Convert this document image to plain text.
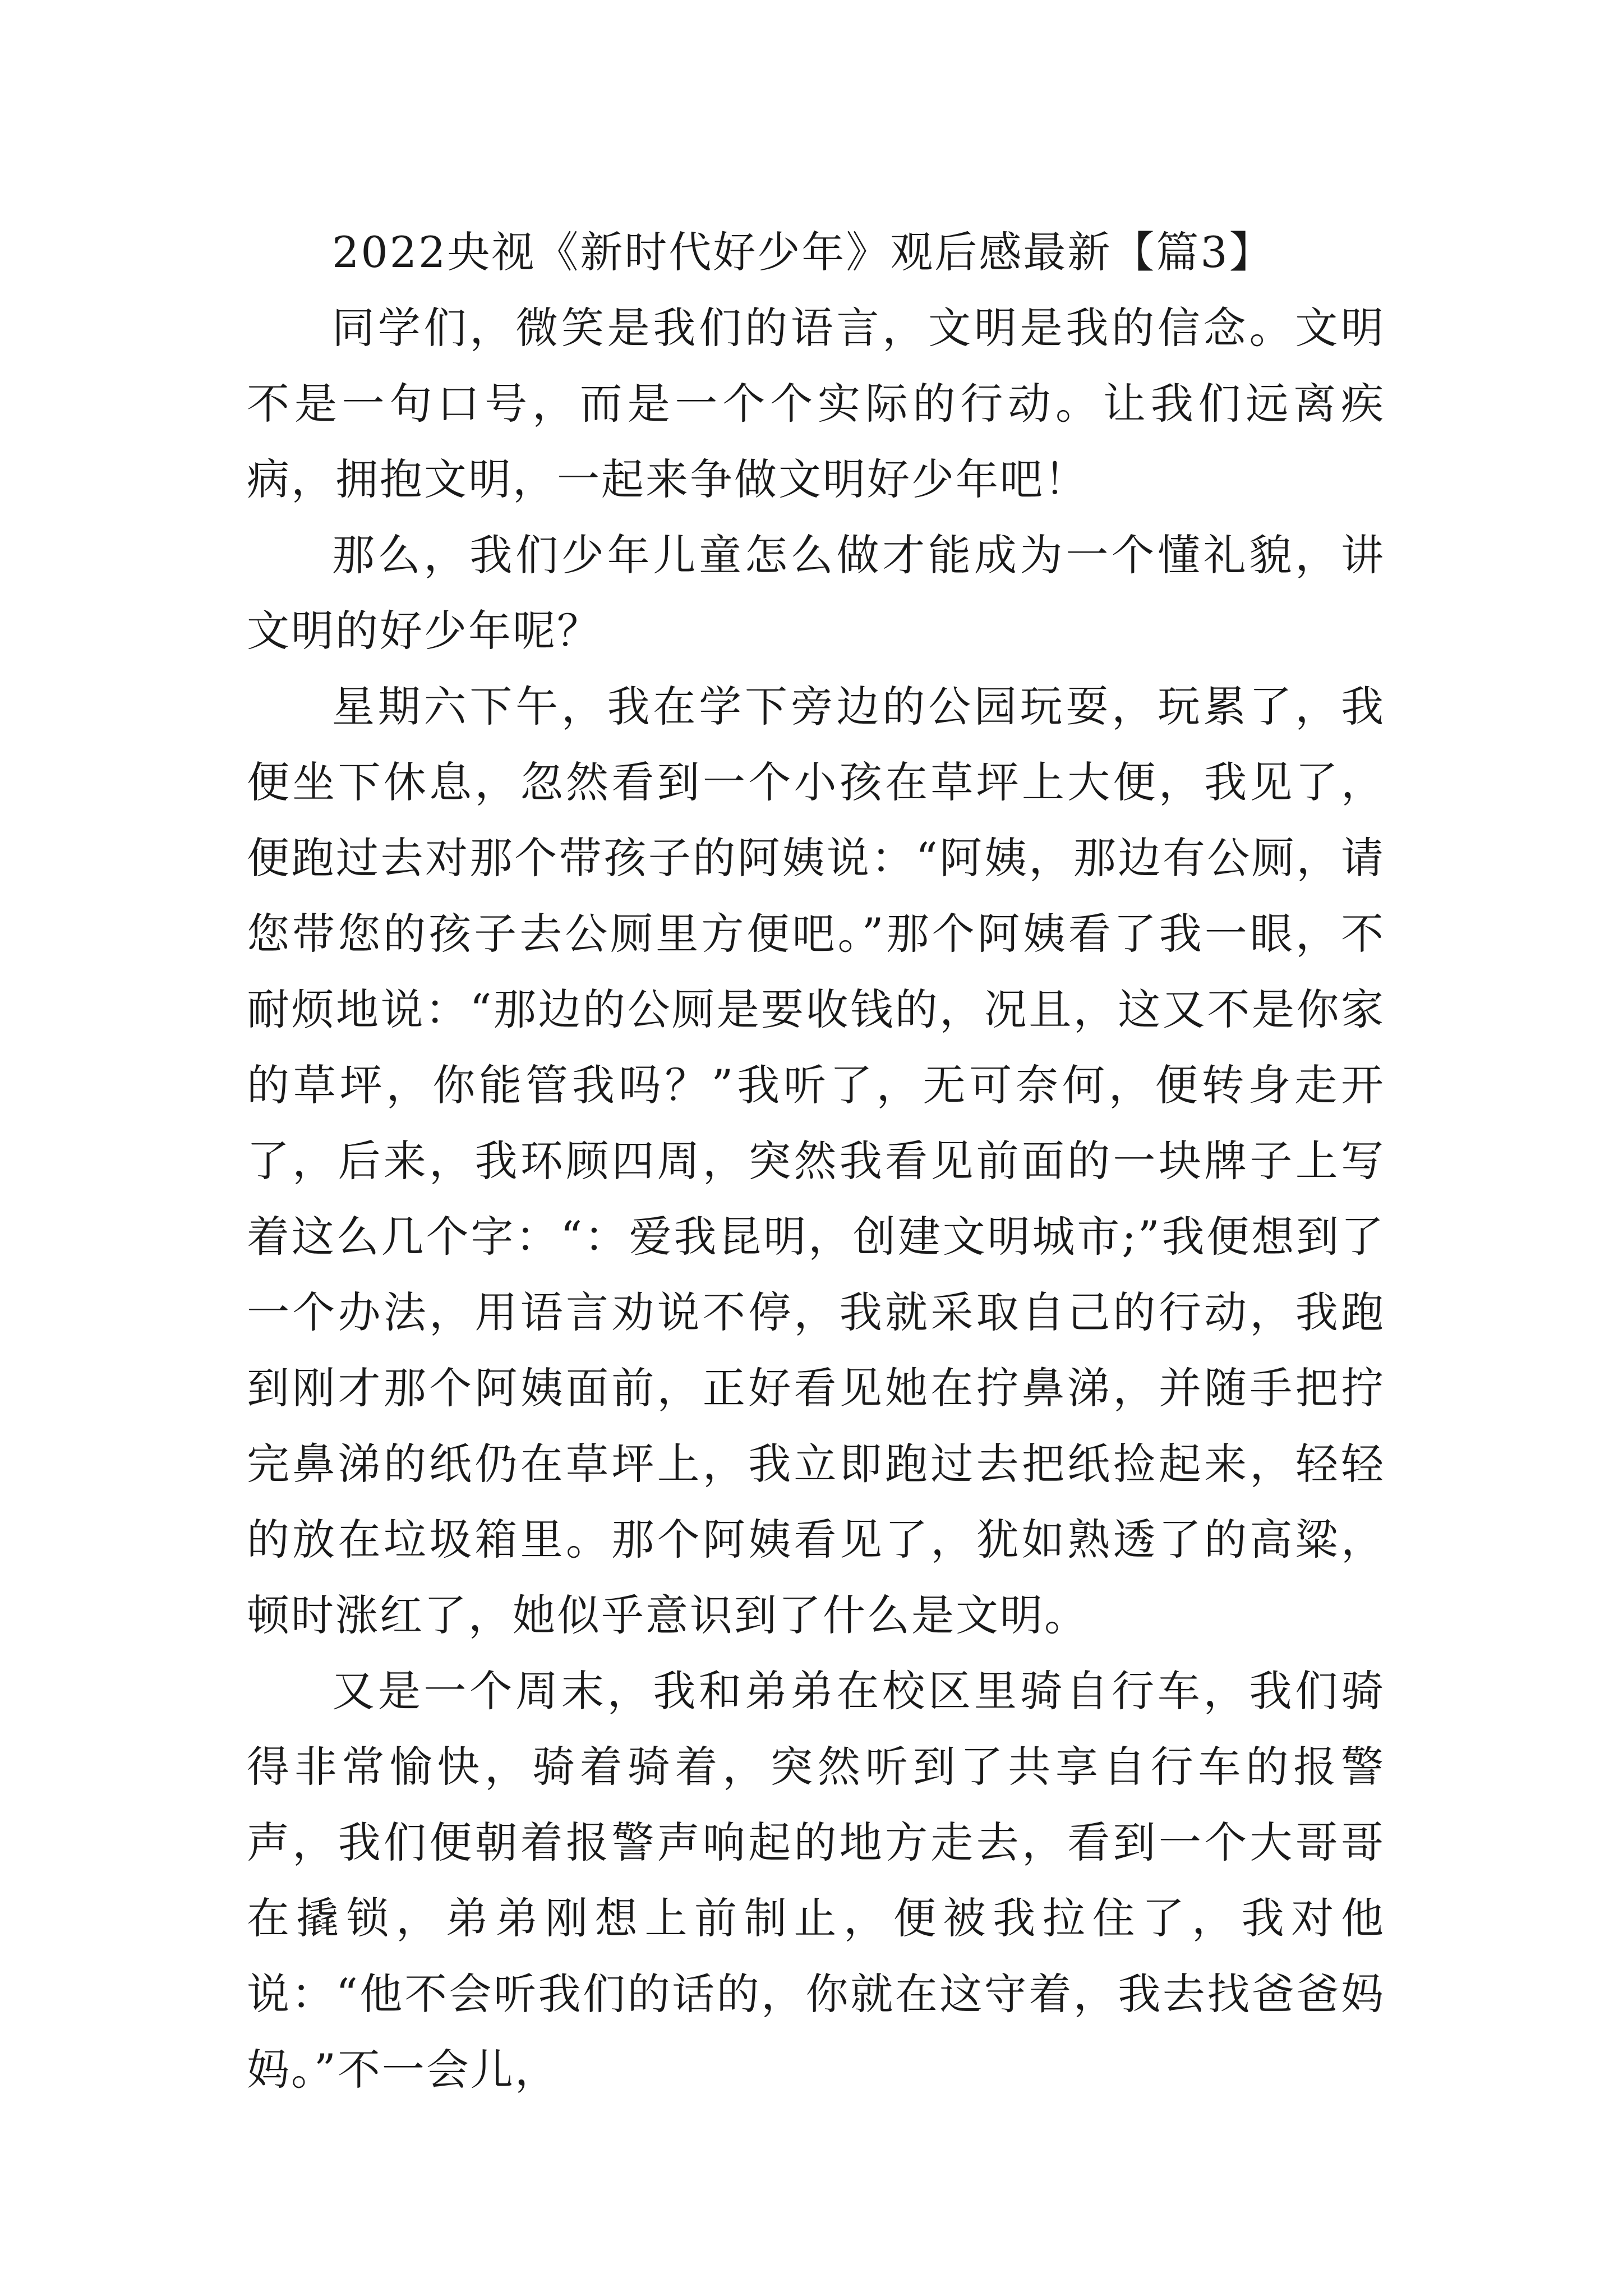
2022央视《新时代好少年》观后感最新【篇3】

同学们，微笑是我们的语言，文明是我的信念。文明不是一句口号，而是一个个实际的行动。让我们远离疾病，拥抱文明，一起来争做文明好少年吧！

那么，我们少年儿童怎么做才能成为一个懂礼貌，讲文明的好少年呢？

星期六下午，我在学下旁边的公园玩耍，玩累了，我便坐下休息，忽然看到一个小孩在草坪上大便，我见了，便跑过去对那个带孩子的阿姨说：“阿姨，那边有公厕，请您带您的孩子去公厕里方便吧。”那个阿姨看了我一眼，不耐烦地说：“那边的公厕是要收钱的，况且，这又不是你家的草坪，你能管我吗？”我听了，无可奈何，便转身走开了，后来，我环顾四周，突然我看见前面的一块牌子上写着这么几个字：“：爱我昆明，创建文明城市;”我便想到了一个办法，用语言劝说不停，我就采取自己的行动，我跑到刚才那个阿姨面前，正好看见她在拧鼻涕，并随手把拧完鼻涕的纸仍在草坪上，我立即跑过去把纸捡起来，轻轻的放在垃圾箱里。那个阿姨看见了，犹如熟透了的高粱，顿时涨红了，她似乎意识到了什么是文明。

又是一个周末，我和弟弟在校区里骑自行车，我们骑得非常愉快，骑着骑着，突然听到了共享自行车的报警声，我们便朝着报警声响起的地方走去，看到一个大哥哥在撬锁，弟弟刚想上前制止，便被我拉住了，我对他说：“他不会听我们的话的，你就在这守着，我去找爸爸妈妈。”不一会儿，
